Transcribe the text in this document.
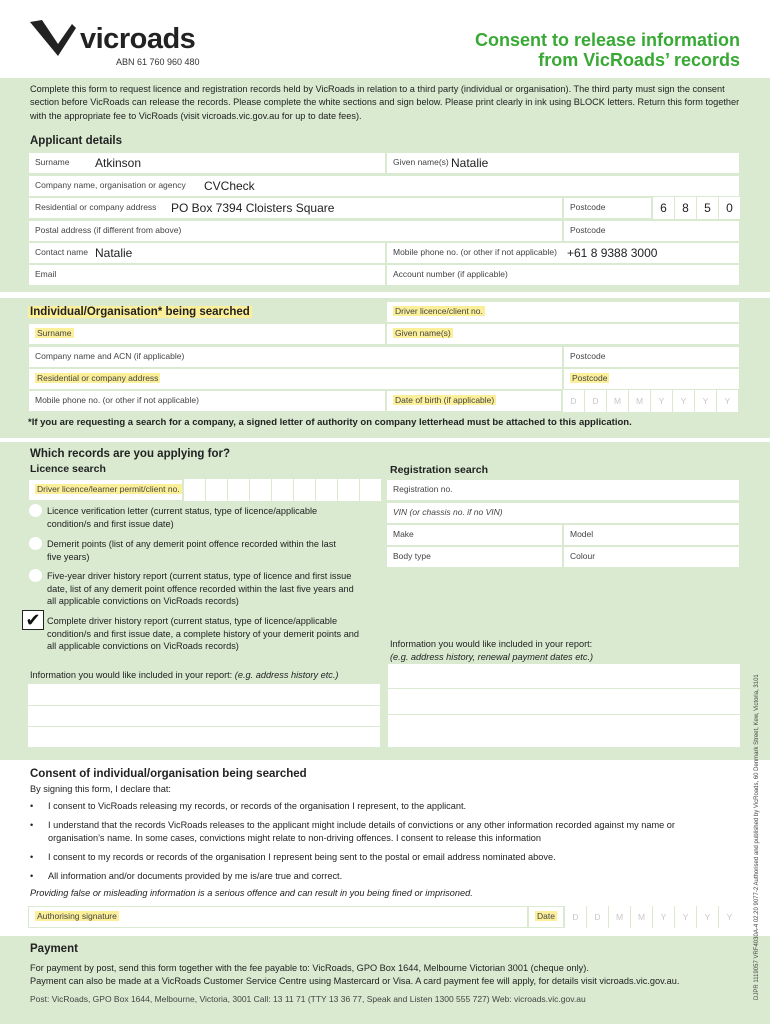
vicroads
ABN 61 760 960 480
Consent to release information
from VicRoads’ records
Complete this form to request licence and registration records held by VicRoads in relation to a third party (individual or organisation). The third party must sign the consent section before VicRoads can release the records. Please complete the white sections and sign below. Please print clearly in ink using BLOCK letters. Return this form together with the appropriate fee to VicRoads (visit vicroads.vic.gov.au for up to date fees).
Applicant details
Surname Atkinson	Given name(s) Natalie
Company name, organisation or agency CVCheck
Residential or company address PO Box 7394 Cloisters Square	Postcode	6	8	5	0
Postal address (if different from above)	Postcode
Contact name Natalie	Mobile phone no. (or other if not applicable) +61 8 9388 3000
Email	Account number (if applicable)
Individual/Organisation* being searched	Driver licence/client no.
Surname	Given name(s)
Company name and ACN (if applicable)	Postcode
Residential or company address	Postcode
Mobile phone no. (or other if not applicable)	Date of birth (if applicable)	D	D	M	M	Y	Y	Y	Y
*If you are requesting a search for a company, a signed letter of authority on company letterhead must be attached to this application.
Which records are you applying for?
Licence search	Registration search
Driver licence/learner permit/client no.	Registration no.
VIN (or chassis no. if no VIN)
Make	Model
Body type	Colour
Licence verification letter (current status, type of licence/applicable condition/s and first issue date)
Demerit points (list of any demerit point offence recorded within the last five years)
Five-year driver history report (current status, type of licence and first issue date, list of any demerit point offence recorded within the last five years and all applicable convictions on VicRoads records)
Complete driver history report (current status, type of licence/applicable condition/s and first issue date, a complete history of your demerit points and all applicable convictions on VicRoads records)
Information you would like included in your report: (e.g. address history etc.)
Information you would like included in your report:
(e.g. address history, renewal payment dates etc.)
✔
Consent of individual/organisation being searched
By signing this form, I declare that:
• I consent to VicRoads releasing my records, or records of the organisation I represent, to the applicant.
• I understand that the records VicRoads releases to the applicant might include details of convictions or any other information recorded against my name or organisation’s name. In some cases, convictions might relate to non-driving offences. I consent to release this information
• I consent to my records or records of the organisation I represent being sent to the postal or email address nominated above.
• All information and/or documents provided by me is/are true and correct.
Providing false or misleading information is a serious offence and can result in you being fined or imprisoned.
Authorising signature	Date	D	D	M	M	Y	Y	Y	Y
Payment
For payment by post, send this form together with the fee payable to: VicRoads, GPO Box 1644, Melbourne Victorian 3001 (cheque only).
Payment can also be made at a VicRoads Customer Service Centre using Mastercard or Visa. A card payment fee will apply, for details visit vicroads.vic.gov.au.
Post: VicRoads, GPO Box 1644, Melbourne, Victoria, 3001 Call: 13 11 71 (TTY 13 36 77, Speak and Listen 1300 555 727) Web: vicroads.vic.gov.au	DJPR 1119057 VRF4030A-4 02.20 9077-2 Authorised and published by VicRoads, 60 Denmark Street, Kew, Victoria, 3101
